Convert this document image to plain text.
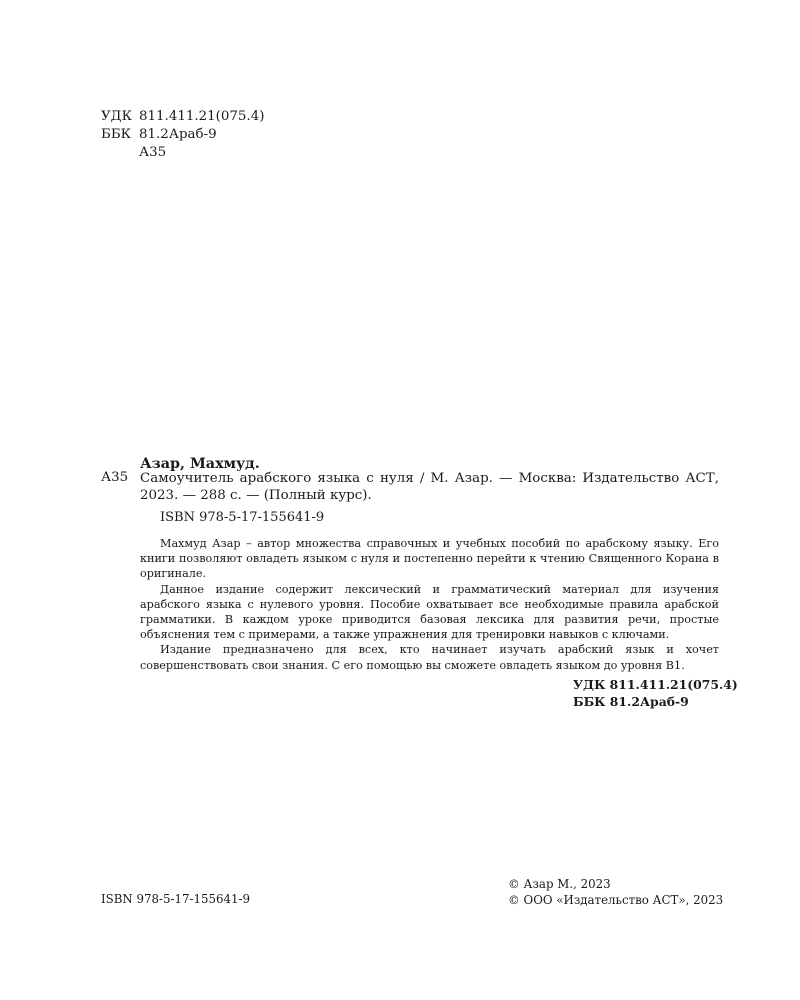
УДК 811.411.21(075.4)
ББК 81.2Араб-9
А35
Азар, Махмуд.
А35 Самоучитель арабского языка с нуля / М. Азар. — Москва: Издательство АСТ, 2023. — 288 с. — (Полный курс).

ISBN 978-5-17-155641-9

Махмуд Азар – автор множества справочных и учебных пособий по арабскому языку. Его книги позволяют овладеть языком с нуля и постепенно перейти к чтению Священного Корана в оригинале.

Данное издание содержит лексический и грамматический материал для изучения арабского языка с нулевого уровня. Пособие охватывает все необходимые правила арабской грамматики. В каждом уроке приводится базовая лексика для развития речи, простые объяснения тем с примерами, а также упражнения для тренировки навыков с ключами.

Издание предназначено для всех, кто начинает изучать арабский язык и хочет совершенствовать свои знания. С его помощью вы сможете овладеть языком до уровня В1.

УДК 811.411.21(075.4)
ББК 81.2Араб-9
ISBN 978-5-17-155641-9
© Азар М., 2023
© ООО «Издательство АСТ», 2023
